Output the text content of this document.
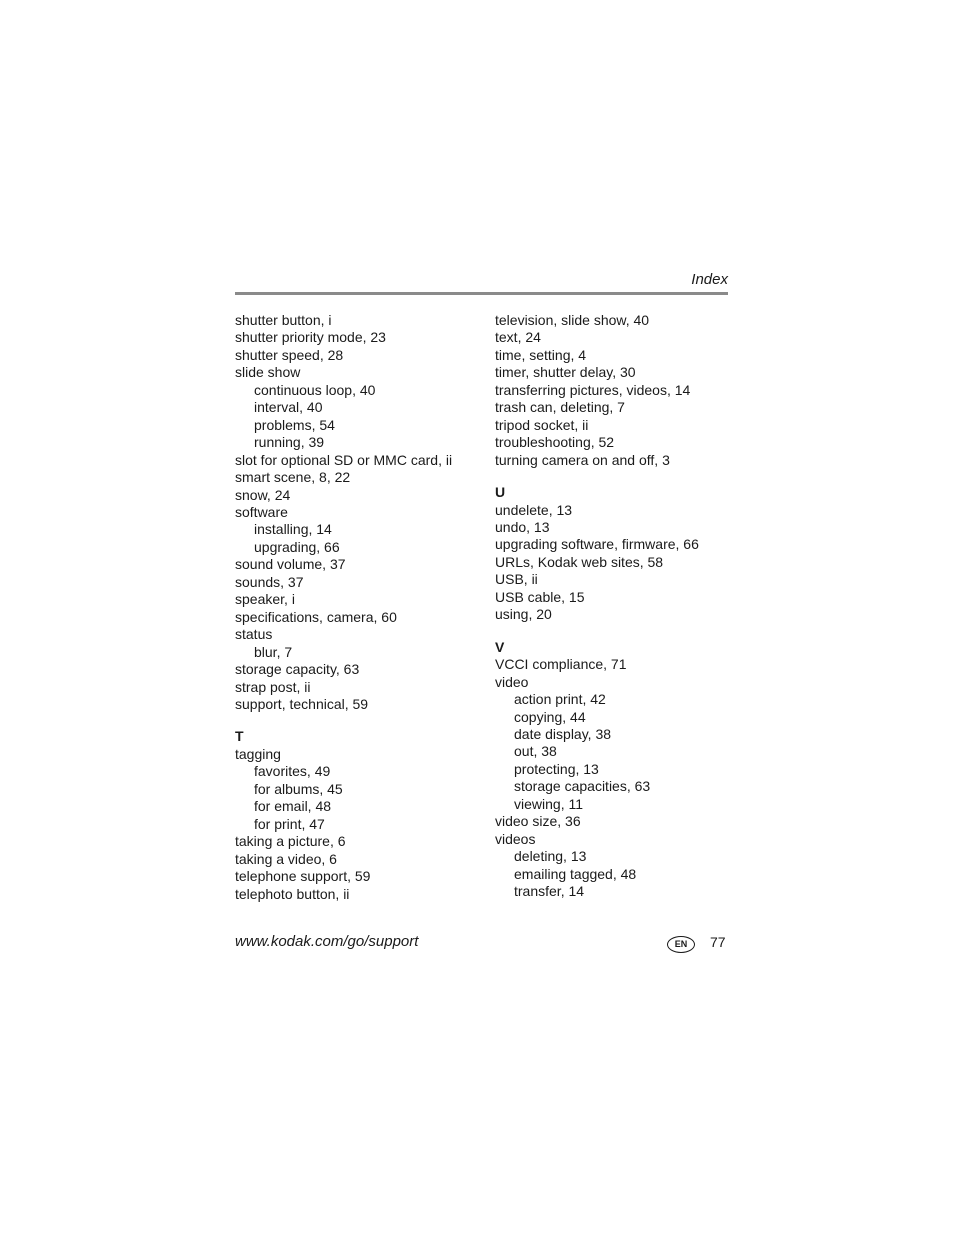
Index
shutter button, i
shutter priority mode, 23
shutter speed, 28
slide show
continuous loop, 40
interval, 40
problems, 54
running, 39
slot for optional SD or MMC card, ii
smart scene, 8, 22
snow, 24
software
installing, 14
upgrading, 66
sound volume, 37
sounds, 37
speaker, i
specifications, camera, 60
status
blur, 7
storage capacity, 63
strap post, ii
support, technical, 59
T
tagging
favorites, 49
for albums, 45
for email, 48
for print, 47
taking a picture, 6
taking a video, 6
telephone support, 59
telephoto button, ii
television, slide show, 40
text, 24
time, setting, 4
timer, shutter delay, 30
transferring pictures, videos, 14
trash can, deleting, 7
tripod socket, ii
troubleshooting, 52
turning camera on and off, 3
U
undelete, 13
undo, 13
upgrading software, firmware, 66
URLs, Kodak web sites, 58
USB, ii
USB cable, 15
using, 20
V
VCCI compliance, 71
video
action print, 42
copying, 44
date display, 38
out, 38
protecting, 13
storage capacities, 63
viewing, 11
video size, 36
videos
deleting, 13
emailing tagged, 48
transfer, 14
www.kodak.com/go/support	EN	77
